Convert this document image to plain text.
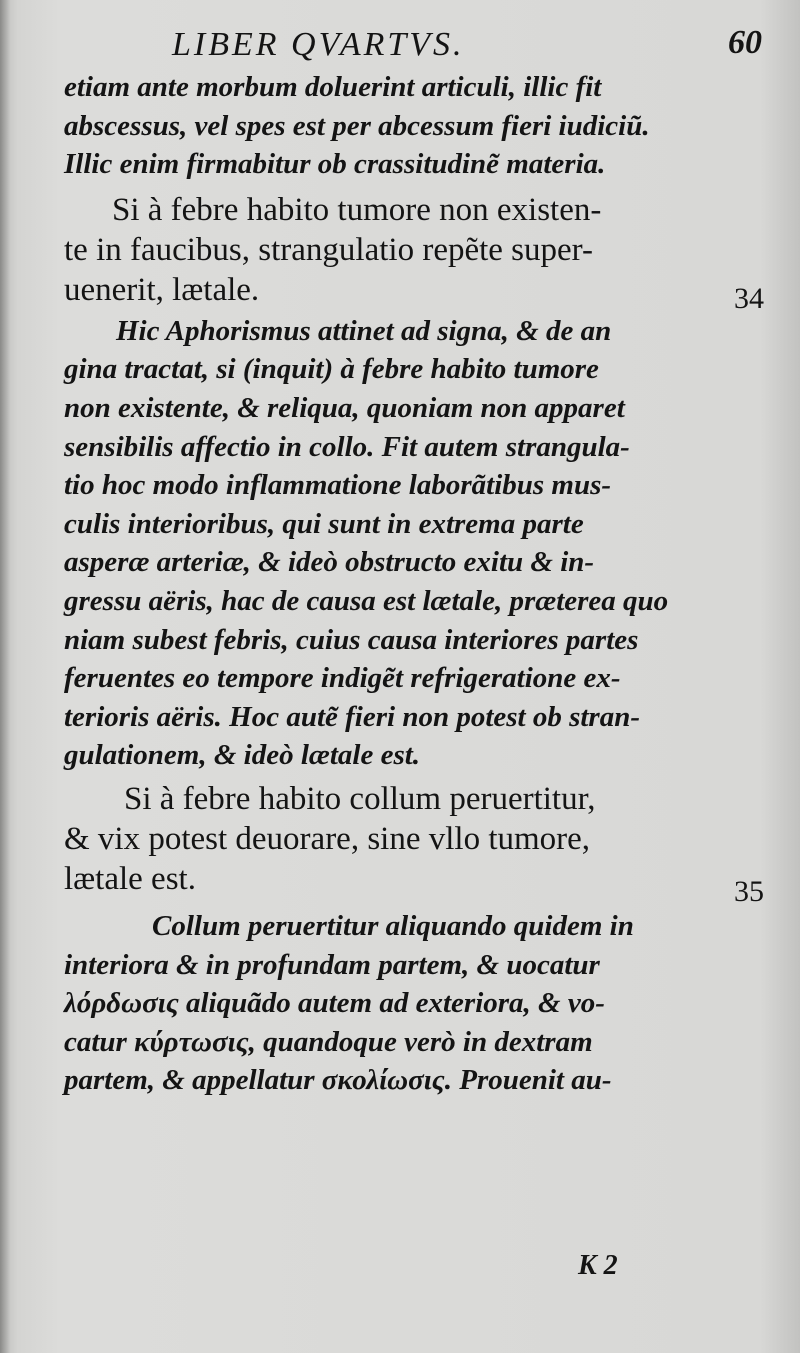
LIBER QVARTVS.	60
etiam ante morbum doluerint articuli, illic fit
abscessus, vel spes est per abcessum fieri iudiciũ.
Illic enim firmabitur ob crassitudinẽ materia.
Si à febre habito tumore non existen-
te in faucibus, strangulatio repẽte super-
uenerit, lætale.	34
Hic Aphorismus attinet ad signa, & de an
gina tractat, si (inquit) à febre habito tumore
non existente, & reliqua, quoniam non apparet
sensibilis affectio in collo. Fit autem strangula-
tio hoc modo inflammatione laborãtibus mus-
culis interioribus, qui sunt in extrema parte
asperæ arteriæ, & ideò obstructo exitu & in-
gressu aëris, hac de causa est lætale, præterea quo
niam subest febris, cuius causa interiores partes
feruentes eo tempore indigẽt refrigeratione ex-
terioris aëris. Hoc autẽ fieri non potest ob stran-
gulationem, & ideò lætale est.
Si à febre habito collum peruertitur,
& vix potest deuorare, sine vllo tumore,
lætale est.	35
Collum peruertitur aliquando quidem in
interiora & in profundam partem, & uocatur
λόρδωσις aliquãdo autem ad exteriora, & vo-
catur κύρτωσις, quandoque verò in dextram
partem, & appellatur σκολίωσις. Prouenit au-
K 2
